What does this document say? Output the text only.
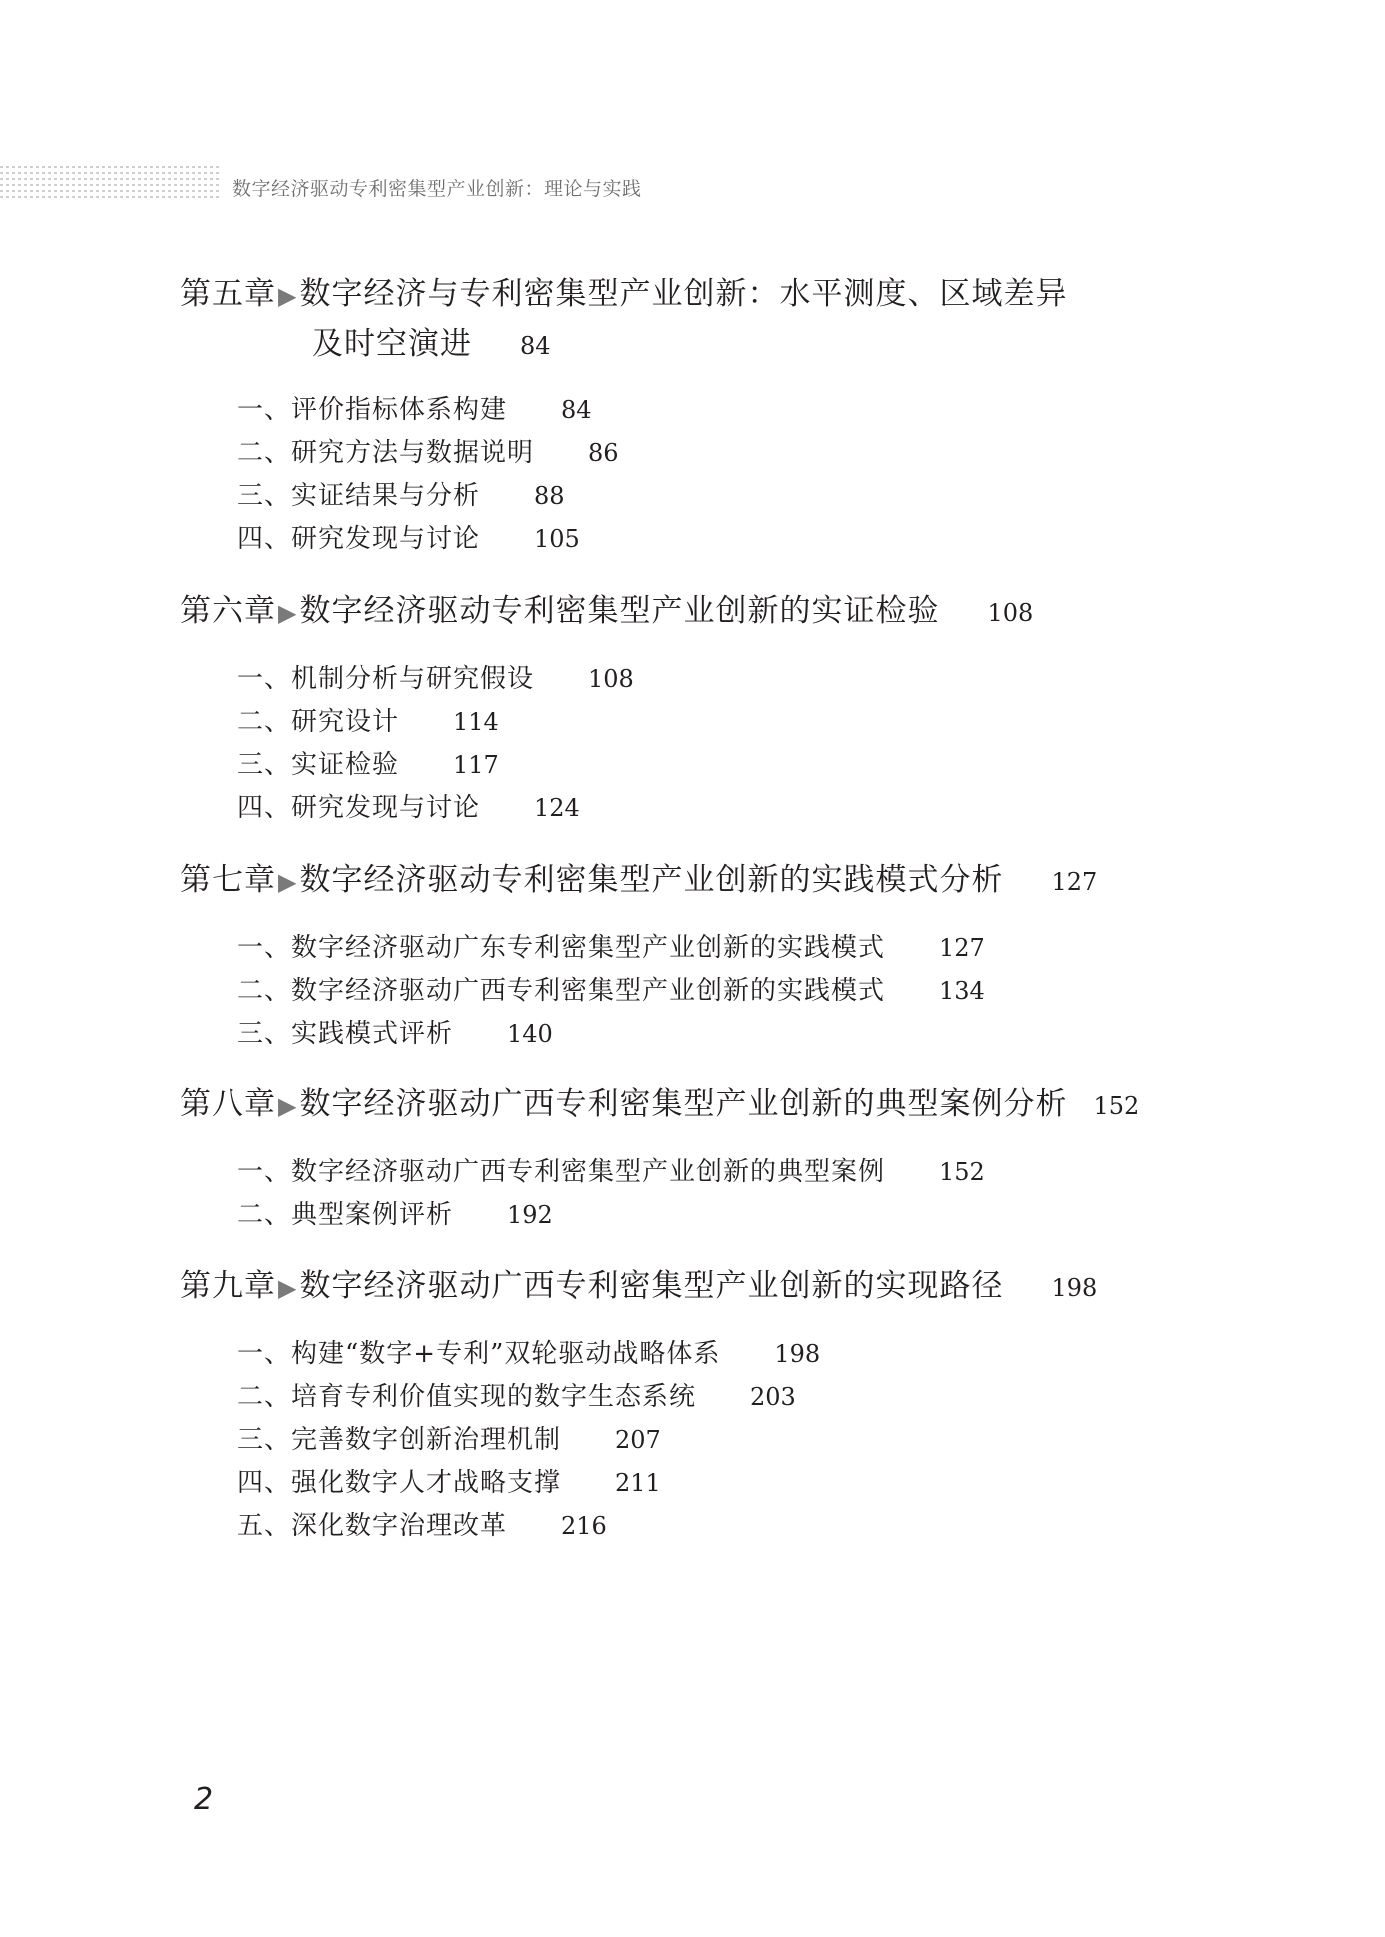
数字经济驱动专利密集型产业创新：理论与实践
第五章▶数字经济与专利密集型产业创新：水平测度、区域差异
及时空演进 84
一、评价指标体系构建 84
二、研究方法与数据说明 86
三、实证结果与分析 88
四、研究发现与讨论 105
第六章▶数字经济驱动专利密集型产业创新的实证检验 108
一、机制分析与研究假设 108
二、研究设计 114
三、实证检验 117
四、研究发现与讨论 124
第七章▶数字经济驱动专利密集型产业创新的实践模式分析 127
一、数字经济驱动广东专利密集型产业创新的实践模式 127
二、数字经济驱动广西专利密集型产业创新的实践模式 134
三、实践模式评析 140
第八章▶数字经济驱动广西专利密集型产业创新的典型案例分析 152
一、数字经济驱动广西专利密集型产业创新的典型案例 152
二、典型案例评析 192
第九章▶数字经济驱动广西专利密集型产业创新的实现路径 198
一、构建“数字+专利”双轮驱动战略体系 198
二、培育专利价值实现的数字生态系统 203
三、完善数字创新治理机制 207
四、强化数字人才战略支撑 211
五、深化数字治理改革 216
2
